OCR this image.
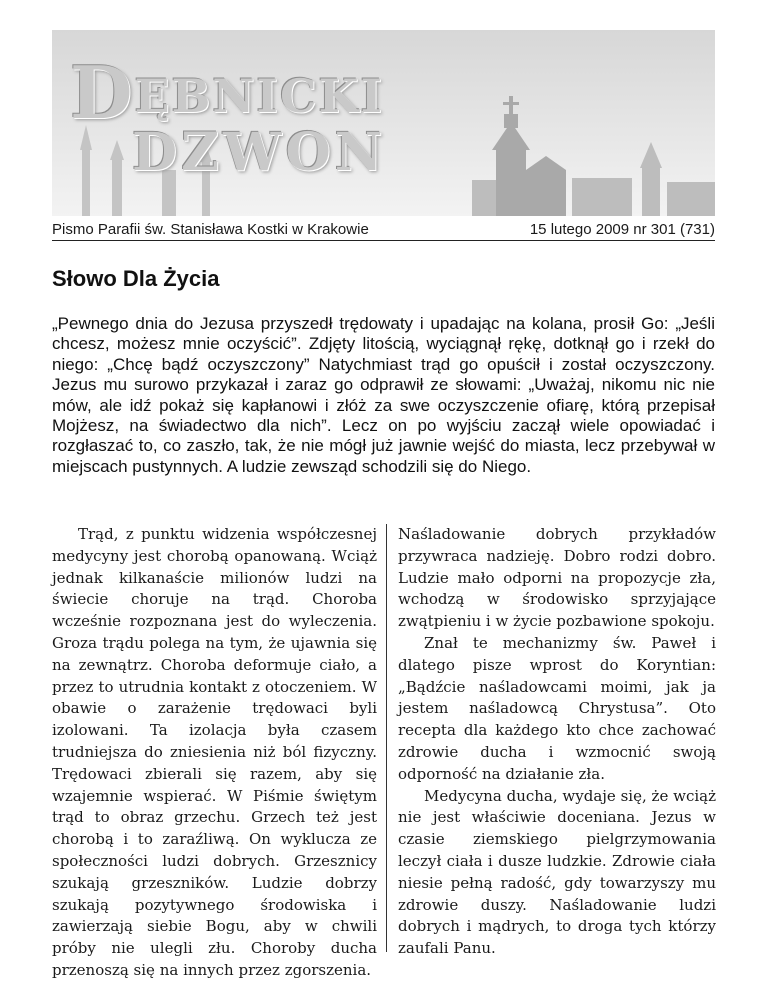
DĘBNICKI
DZWON
Pismo Parafii św. Stanisława Kostki w Krakowie	15 lutego 2009 nr 301 (731)
Słowo Dla Życia

„Pewnego dnia do Jezusa przyszedł trędowaty i upadając na kolana, prosił Go: „Jeśli chcesz, możesz mnie oczyścić”. Zdjęty litością, wyciągnął rękę, dotknął go i rzekł do niego: „Chcę bądź oczyszczony” Natychmiast trąd go opuścił i został oczyszczony. Jezus mu surowo przykazał i zaraz go odprawił ze słowami: „Uważaj, nikomu nic nie mów, ale idź pokaż się kapłanowi i złóż za swe oczyszczenie ofiarę, którą przepisał Mojżesz, na świadectwo dla nich”. Lecz on po wyjściu zaczął wiele opowiadać i rozgłaszać to, co zaszło, tak, że nie mógł już jawnie wejść do miasta, lecz przebywał w miejscach pustynnych. A ludzie zewsząd schodzili się do Niego.

Trąd, z punktu widzenia współczesnej medycyny jest chorobą opanowaną. Wciąż jednak kilkanaście milionów ludzi na świecie choruje na trąd. Choroba wcześnie rozpoznana jest do wyleczenia. Groza trądu polega na tym, że ujawnia się na zewnątrz. Choroba deformuje ciało, a przez to utrudnia kontakt z otoczeniem. W obawie o zarażenie trędowaci byli izolowani. Ta izolacja była czasem trudniejsza do zniesienia niż ból fizyczny. Trędowaci zbierali się razem, aby się wzajemnie wspierać. W Piśmie świętym trąd to obraz grzechu. Grzech też jest chorobą i to zaraźliwą. On wyklucza ze społeczności ludzi dobrych. Grzesznicy szukają grzeszników. Ludzie dobrzy szukają pozytywnego środowiska i zawierzają siebie Bogu, aby w chwili próby nie ulegli złu. Choroby ducha przenoszą się na innych przez zgorszenia.

Naśladowanie dobrych przykładów przywraca nadzieję. Dobro rodzi dobro. Ludzie mało odporni na propozycje zła, wchodzą w środowisko sprzyjające zwątpieniu i w życie pozbawione spokoju.

Znał te mechanizmy św. Paweł i dlatego pisze wprost do Koryntian: „Bądźcie naśladowcami moimi, jak ja jestem naśladowcą Chrystusa”. Oto recepta dla każdego kto chce zachować zdrowie ducha i wzmocnić swoją odporność na działanie zła.

Medycyna ducha, wydaje się, że wciąż nie jest właściwie doceniana. Jezus w czasie ziemskiego pielgrzymowania leczył ciała i dusze ludzkie. Zdrowie ciała niesie pełną radość, gdy towarzyszy mu zdrowie duszy. Naśladowanie ludzi dobrych i mądrych, to droga tych którzy zaufali Panu.
